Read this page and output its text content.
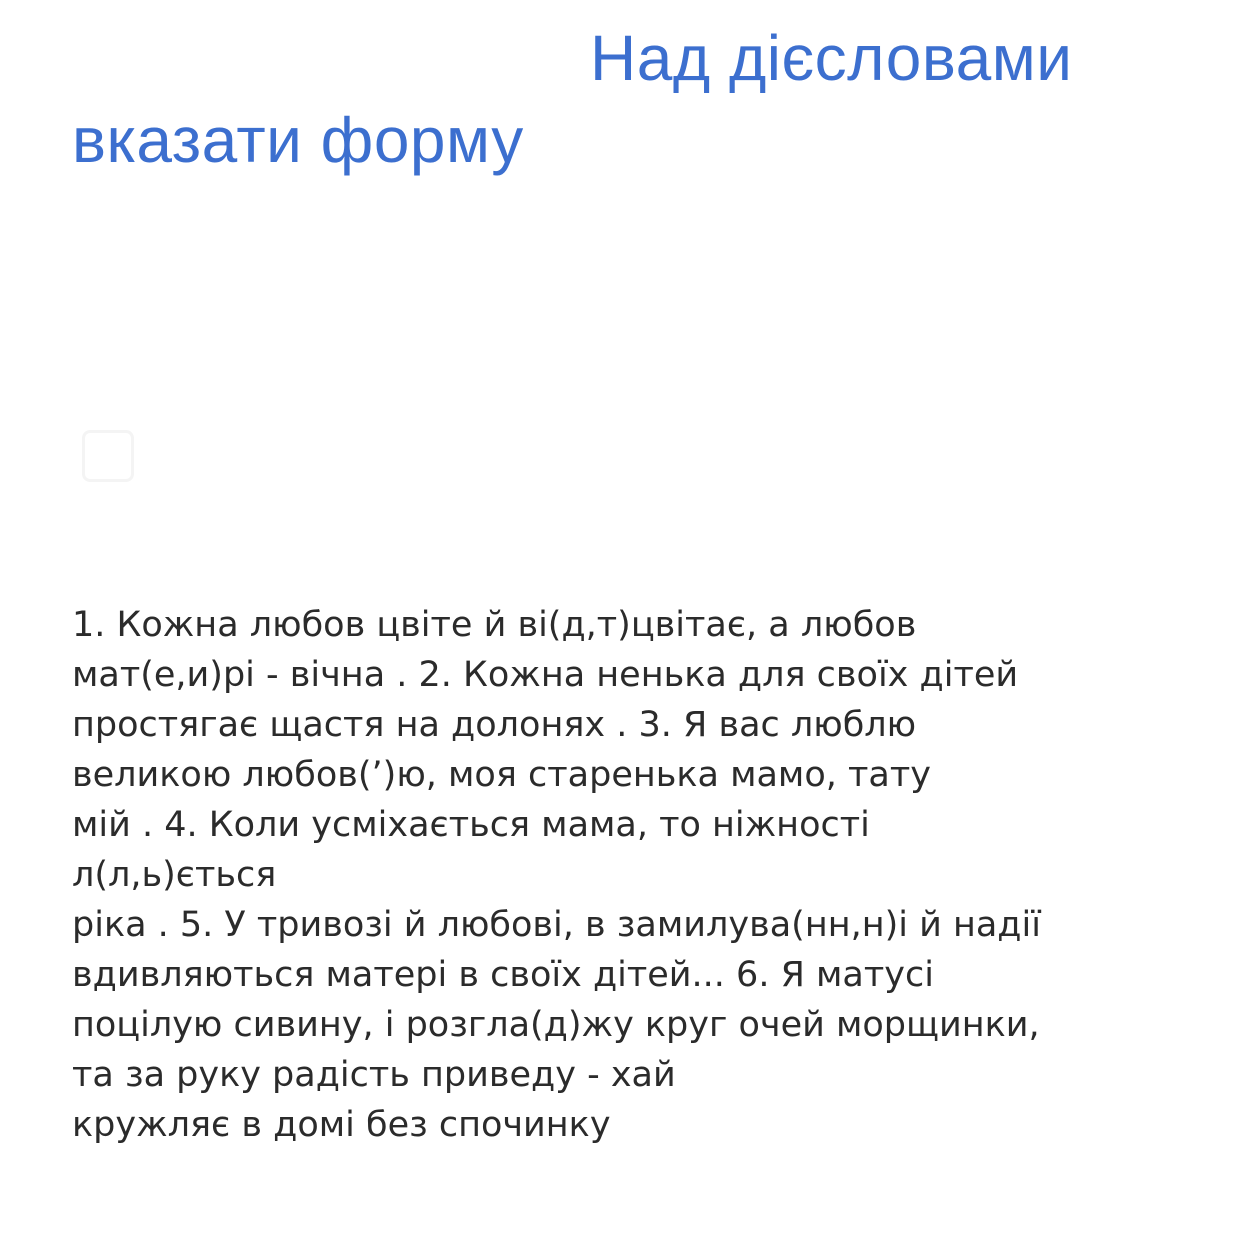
Над дієсловами
вказати форму
1. Кожна любов цвіте й ві(д,т)цвітає, а любов
мат(е,и)рі - вічна . 2. Кожна ненька для своїх дітей
простягає щастя на долонях . 3. Я вас люблю
великою любов(ʼ)ю, моя старенька мамо, тату
мій . 4. Коли усміхається мама, то ніжності
л(л,ь)ється
ріка . 5. У тривозі й любові, в замилува(нн,н)і й надії
вдивляються матері в своїх дітей... 6. Я матусі
поцілую сивину, і розгла(д)жу круг очей морщинки,
та за руку радість приведу - хай
кружляє в домі без спочинку
